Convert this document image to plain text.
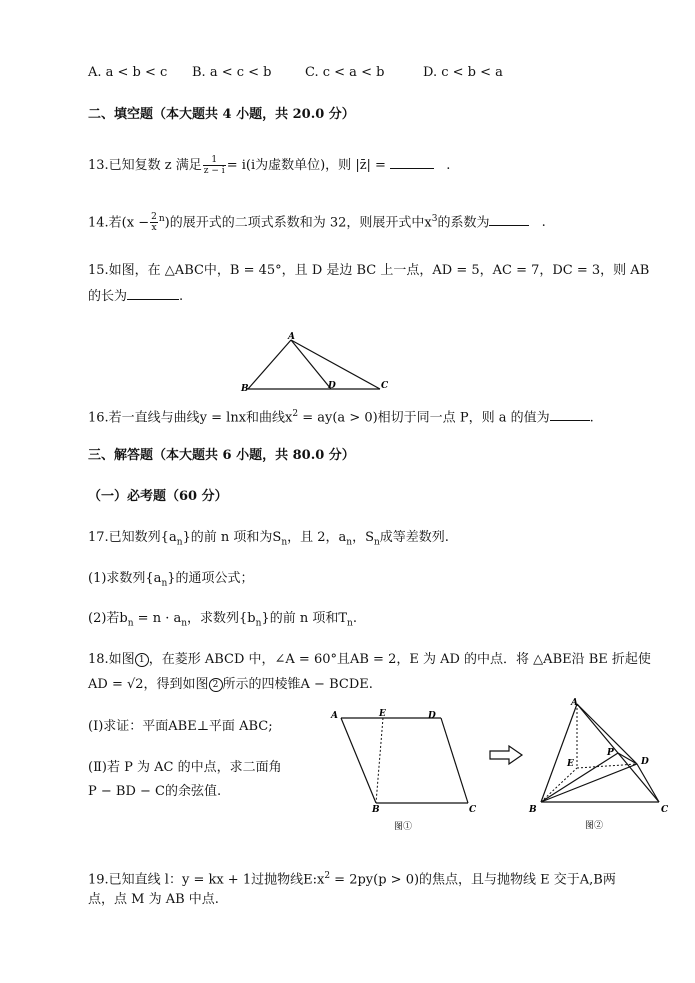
A. a < b < c B. a < c < b	C. c < a < b	D. c < b < a
二、填空题（本大题共 4 小题，共 20.0 分）
13.已知复数 z 满足 $\frac{1}{z - i} = i(i$为虚数单位)，则 |z̄| =	.
14.若$(x - \frac{2}{x} ^n)$的展开式的二项式系数和为 32，则展开式中$x^3$的系数为	.
15.如图，在 △ABC中，B = 45°，且 D 是边 BC 上一点，AD = 5，AC = 7，DC = 3，则 AB
的长为	.
A
B	D	C
16.若一直线与曲线y = lnx和曲线$x^2 = ay(a > 0)$相切于同一点 P，则 a 的值为	.
三、解答题（本大题共 6 小题，共 80.0 分）
（一）必考题（60 分）
17.已知数列$\{a_n\}$的前 n 项和为$S_n$，且 2，$a_n$，$S_n$成等差数列.
(1)求数列$\{a_n\}$的通项公式；
(2)若$b_n = n \cdot a_n$，求数列$\{b_n\}$的前 n 项和$T_n$.
18.如图 1 ，在菱形 ABCD 中，∠A = 60°且AB = 2，E 为 AD 的中点．将 △ABE沿 BE 折起使
AD = √2，得到如图 2 所示的四棱锥A − BCDE.
(Ⅰ)求证：平面ABE⊥平面 ABC;
(Ⅱ)若 P 为 AC 的中点，求二面角
P − BD − C的余弦值.
A	E	D
B	C
图①
A
E
P
D
B	C
图②
19.已知直线 l：y = kx + 1过抛物线$E:x^2 = 2py(p > 0)$的焦点，且与抛物线 E 交于A,B两
点，点 M 为 AB 中点.
